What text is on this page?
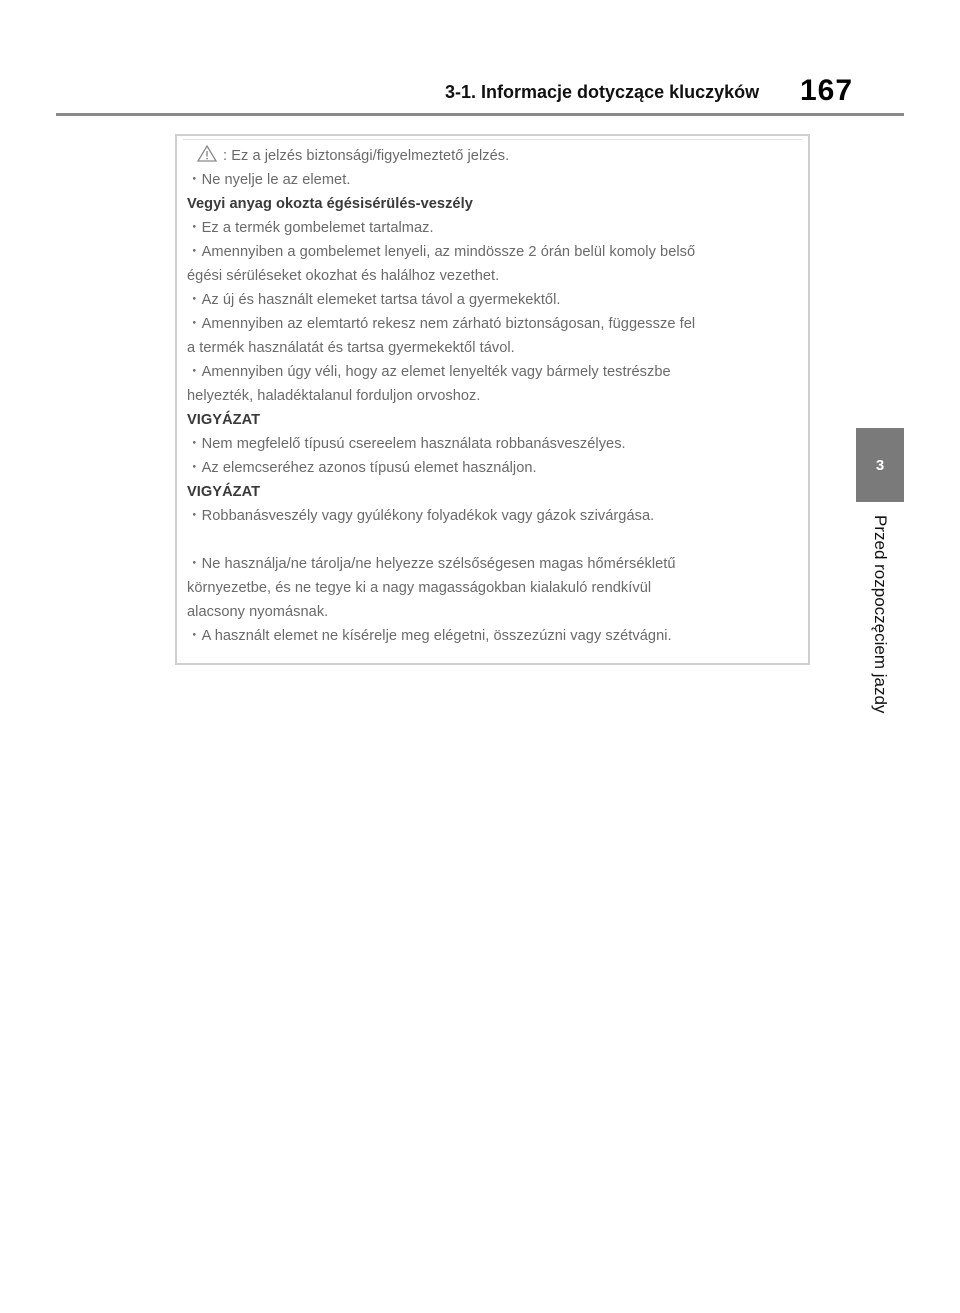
3-1. Informacje dotyczące kluczyków 167
3
Przed rozpoczęciem jazdy
: Ez a jelzés biztonsági/figyelmeztető jelzés.
・Ne nyelje le az elemet.
Vegyi anyag okozta égésisérülés-veszély
・Ez a termék gombelemet tartalmaz.
・Amennyiben a gombelemet lenyeli, az mindössze 2 órán belül komoly belső
égési sérüléseket okozhat és halálhoz vezethet.
・Az új és használt elemeket tartsa távol a gyermekektől.
・Amennyiben az elemtartó rekesz nem zárható biztonságosan, függessze fel
a termék használatát és tartsa gyermekektől távol.
・Amennyiben úgy véli, hogy az elemet lenyelték vagy bármely testrészbe
helyezték, haladéktalanul forduljon orvoshoz.
VIGYÁZAT
・Nem megfelelő típusú csereelem használata robbanásveszélyes.
・Az elemcseréhez azonos típusú elemet használjon.
VIGYÁZAT
・Robbanásveszély vagy gyúlékony folyadékok vagy gázok szivárgása.
・Ne használja/ne tárolja/ne helyezze szélsőségesen magas hőmérsékletű
környezetbe, és ne tegye ki a nagy magasságokban kialakuló rendkívül
alacsony nyomásnak.
・A használt elemet ne kísérelje meg elégetni, összezúzni vagy szétvágni.
